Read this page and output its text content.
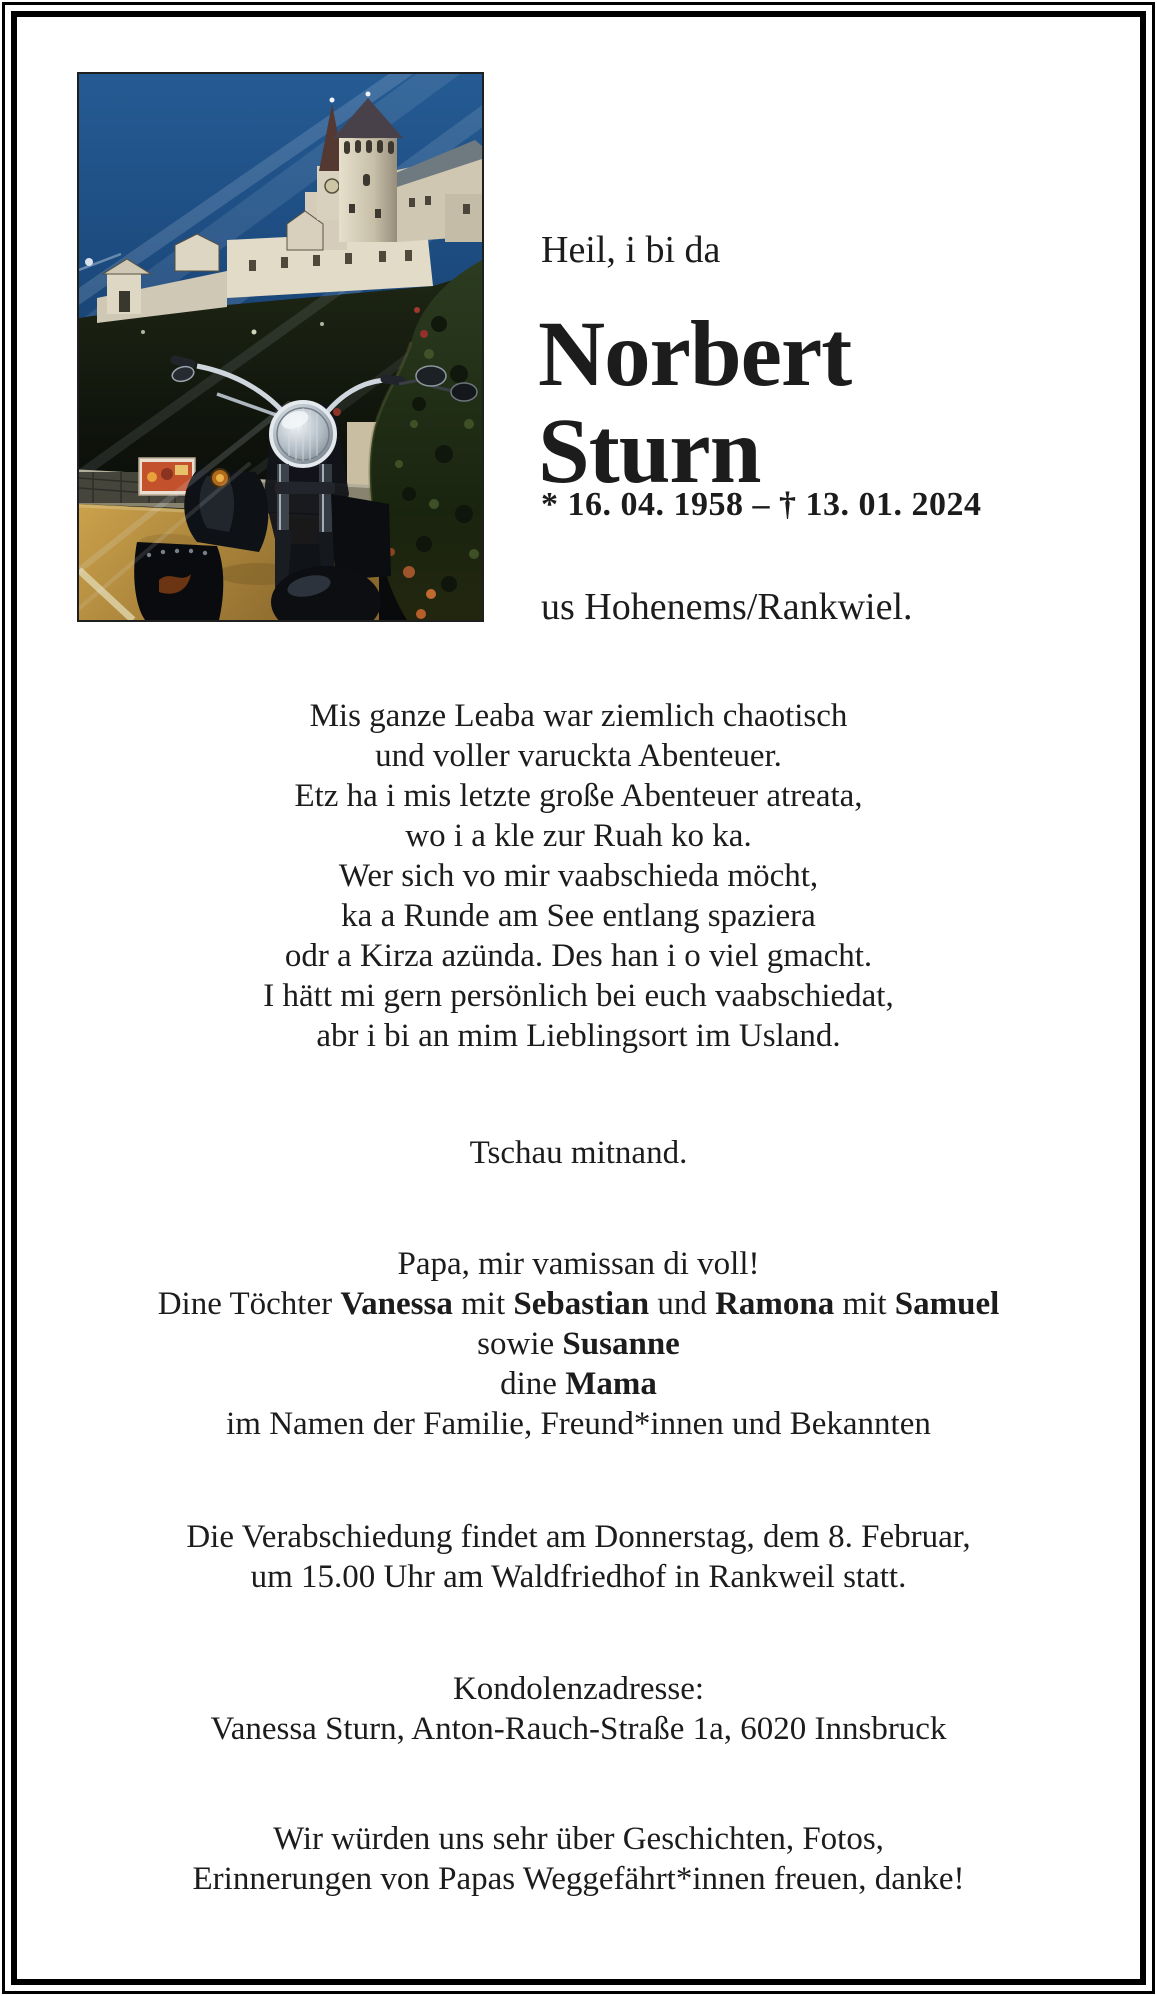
Heil, i bi da
Norbert
Sturn
* 16. 04. 1958 – † 13. 01. 2024
us Hohenems/Rankwiel.
Mis ganze Leaba war ziemlich chaotisch
und voller varuckta Abenteuer.
Etz ha i mis letzte große Abenteuer atreata,
wo i a kle zur Ruah ko ka.
Wer sich vo mir vaabschieda möcht,
ka a Runde am See entlang spaziera
odr a Kirza azünda. Des han i o viel gmacht.
I hätt mi gern persönlich bei euch vaabschiedat,
abr i bi an mim Lieblingsort im Usland.
Tschau mitnand.
Papa, mir vamissan di voll!
Dine Töchter Vanessa mit Sebastian und Ramona mit Samuel
sowie Susanne
dine Mama
im Namen der Familie, Freund*innen und Bekannten
Die Verabschiedung findet am Donnerstag, dem 8. Februar,
um 15.00 Uhr am Waldfriedhof in Rankweil statt.
Kondolenzadresse:
Vanessa Sturn, Anton-Rauch-Straße 1a, 6020 Innsbruck
Wir würden uns sehr über Geschichten, Fotos,
Erinnerungen von Papas Weggefährt*innen freuen, danke!
